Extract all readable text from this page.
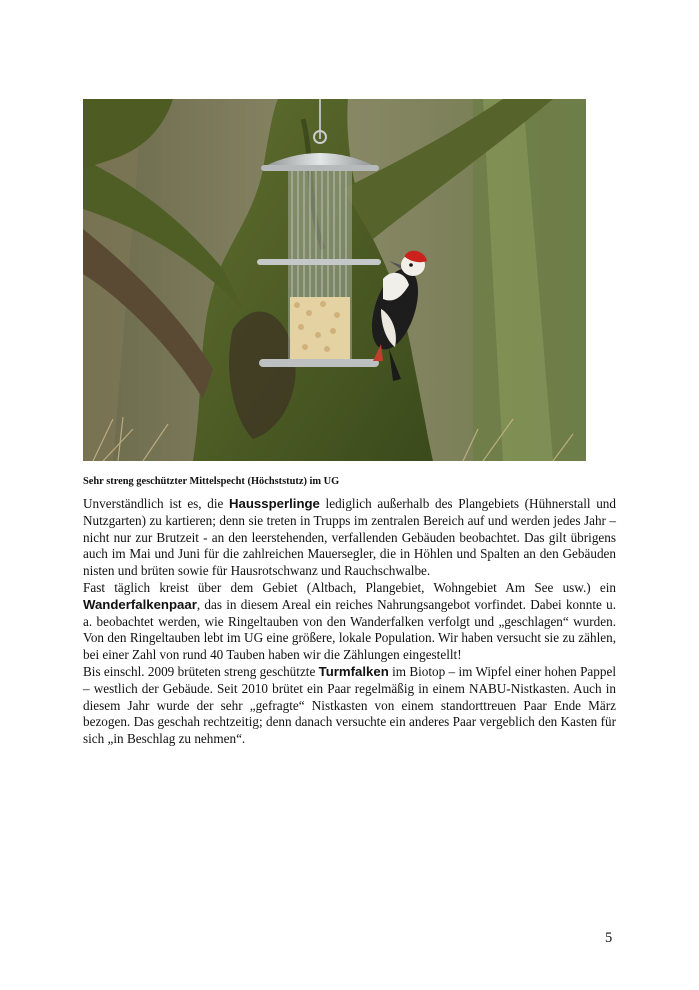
Sehr streng geschützter Mittelspecht (Höchststutz) im UG

Unverständlich ist es, die Haussperlinge lediglich außerhalb des Plangebiets (Hühnerstall und Nutzgarten) zu kartieren; denn sie treten in Trupps im zentralen Bereich auf und werden jedes Jahr – nicht nur zur Brutzeit - an den leerstehenden, verfallenden Gebäuden beobachtet. Das gilt übrigens auch im Mai und Juni für die zahlreichen Mauersegler, die in Höhlen und Spalten an den Gebäuden nisten und brüten sowie für Hausrotschwanz und Rauchschwalbe.

Fast täglich kreist über dem Gebiet (Altbach, Plangebiet, Wohngebiet Am See usw.) ein Wanderfalkenpaar, das in diesem Areal ein reiches Nahrungsangebot vorfindet. Dabei konnte u. a. beobachtet werden, wie Ringeltauben von den Wanderfalken verfolgt und „geschlagen“ wurden. Von den Ringeltauben lebt im UG eine größere, lokale Population. Wir haben versucht sie zu zählen, bei einer Zahl von rund 40 Tauben haben wir die Zählungen eingestellt!

Bis einschl. 2009 brüteten streng geschützte Turmfalken im Biotop – im Wipfel einer hohen Pappel – westlich der Gebäude. Seit 2010 brütet ein Paar regelmäßig in einem NABU-Nistkasten. Auch in diesem Jahr wurde der sehr „gefragte“ Nistkasten von einem standorttreuen Paar Ende März bezogen. Das geschah rechtzeitig; denn danach versuchte ein anderes Paar vergeblich den Kasten für sich „in Beschlag zu nehmen“.

5
